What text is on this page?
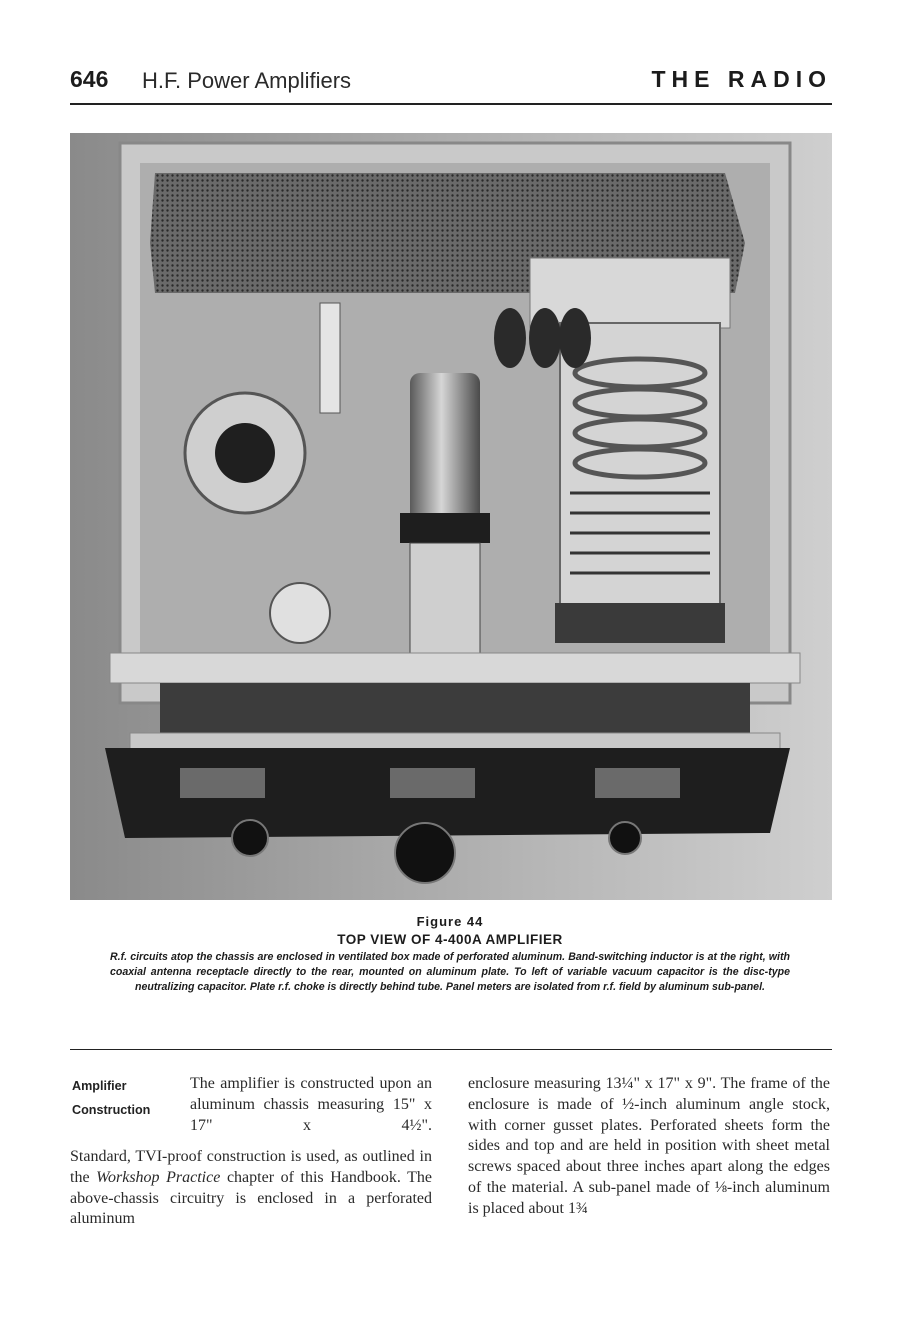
646 H.F. Power Amplifiers	THE RADIO
Figure 44
TOP VIEW OF 4-400A AMPLIFIER
R.f. circuits atop the chassis are enclosed in ventilated box made of perforated aluminum. Band-switching inductor is at the right, with coaxial antenna receptacle directly to the rear, mounted on aluminum plate. To left of variable vacuum capacitor is the disc-type neutralizing capacitor. Plate r.f. choke is directly behind tube. Panel meters are isolated from r.f. field by aluminum sub-panel.
Amplifier
Construction

The amplifier is constructed upon an aluminum chassis measuring 15" x 17" x 4½".

Standard, TVI-proof construction is used, as outlined in the Workshop Practice chapter of this Handbook. The above-chassis circuitry is enclosed in a perforated aluminum

enclosure measuring 13¼" x 17" x 9". The frame of the enclosure is made of ½-inch aluminum angle stock, with corner gusset plates. Perforated sheets form the sides and top and are held in position with sheet metal screws spaced about three inches apart along the edges of the material. A sub-panel made of ⅛-inch aluminum is placed about 1¾
